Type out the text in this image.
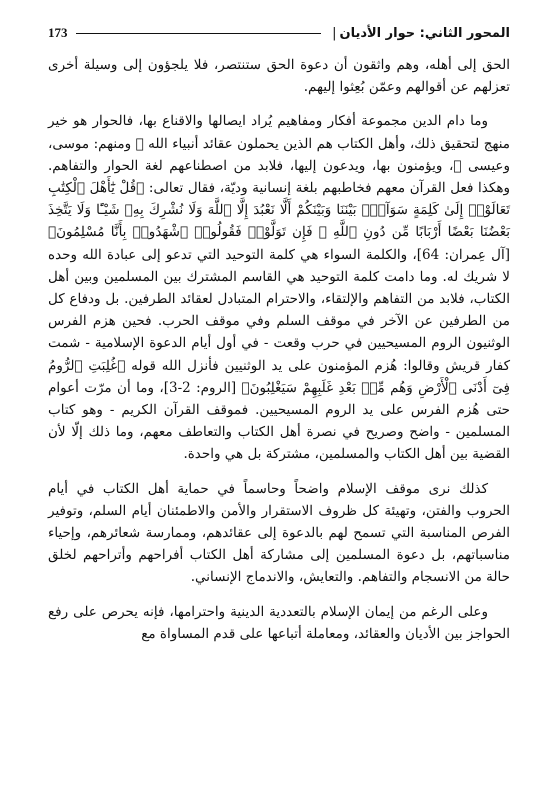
المحور الثاني: حوار الأديان
|
173

الحق إلى أهله، وهم واثقون أن دعوة الحق ستنتصر، فلا يلجؤون إلى وسيلة أخرى تعزلهم عن أقوالهم وعمّن بُعِثوا إليهم.

وما دام الدين مجموعة أفكار ومفاهيم يُراد ايصالها والاقناع بها، فالحوار هو خير منهج لتحقيق ذلك، وأهل الكتاب هم الذين يحملون عقائد أنبياء الله ﷺ ومنهم: موسى، وعيسى ﷺ، ويؤمنون بها، ويدعون إليها، فلابد من اصطناعهم لغة الحوار والتفاهم. وهكذا فعل القرآن معهم فخاطبهم بلغة إنسانية وديّة، فقال تعالى: ﴿قُلْ يَٰٓأَهْلَ ٱلْكِتَٰبِ تَعَالَوْا۟ إِلَىٰ كَلِمَةٍ سَوَآءٍۭ بَيْنَنَا وَبَيْنَكُمْ أَلَّا نَعْبُدَ إِلَّا ٱللَّهَ وَلَا نُشْرِكَ بِهِۦ شَيْـًٔا وَلَا يَتَّخِذَ بَعْضُنَا بَعْضًا أَرْبَابًا مِّن دُونِ ٱللَّهِ ۚ فَإِن تَوَلَّوْا۟ فَقُولُوا۟ ٱشْهَدُوا۟ بِأَنَّا مُسْلِمُونَ﴾ [آل عِمران: 64]، والكلمة السواء هي كلمة التوحيد التي تدعو إلى عبادة الله وحده لا شريك له. وما دامت كلمة التوحيد هي القاسم المشترك بين المسلمين وبين أهل الكتاب، فلابد من التفاهم والإلتقاء، والاحترام المتبادل لعقائد الطرفين. بل ودفاع كل من الطرفين عن الآخر في موقف السلم وفي موقف الحرب. فحين هزم الفرس الوثنيون الروم المسيحيين في حرب وقعت - في أول أيام الدعوة الإسلامية - شمت كفار قريش وقالوا: هُزم المؤمنون على يد الوثنيين فأنزل الله قوله ﴿غُلِبَتِ ٱلرُّومُ فِىٓ أَدْنَى ٱلْأَرْضِ وَهُم مِّنۢ بَعْدِ غَلَبِهِمْ سَيَغْلِبُونَ﴾ [الروم: 2-3]، وما أن مرّت أعوام حتى هُزم الفرس على يد الروم المسيحيين. فموقف القرآن الكريم - وهو كتاب المسلمين - واضح وصريح في نصرة أهل الكتاب والتعاطف معهم، وما ذلك إلّا لأن القضية بين أهل الكتاب والمسلمين، مشتركة بل هي واحدة.

كذلك نرى موقف الإسلام واضحاً وحاسماً في حماية أهل الكتاب في أيام الحروب والفتن، وتهيئة كل ظروف الاستقرار والأمن والاطمئنان أيام السلم، وتوفير الفرص المناسبة التي تسمح لهم بالدعوة إلى عقائدهم، وممارسة شعائرهم، وإحياء مناسباتهم، بل دعوة المسلمين إلى مشاركة أهل الكتاب أفراحهم وأتراحهم لخلق حالة من الانسجام والتفاهم. والتعايش، والاندماج الإنساني.

وعلى الرغم من إيمان الإسلام بالتعددية الدينية واحترامها، فإنه يحرص على رفع الحواجز بين الأديان والعقائد، ومعاملة أتباعها على قدم المساواة مع
